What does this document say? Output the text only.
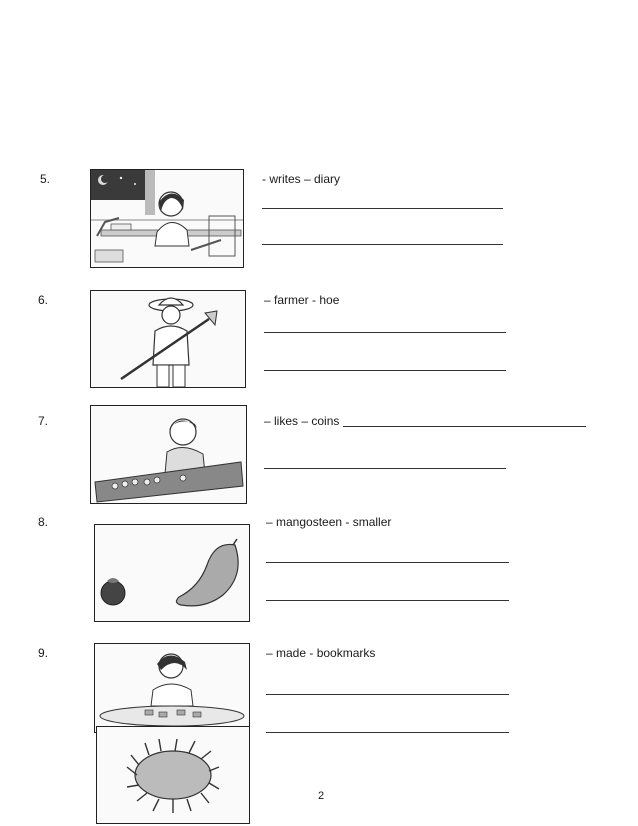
5.	- writes – diary
6.	– farmer - hoe
7.	– likes – coins
8.	– mangosteen - smaller
9.	– made - bookmarks
2
